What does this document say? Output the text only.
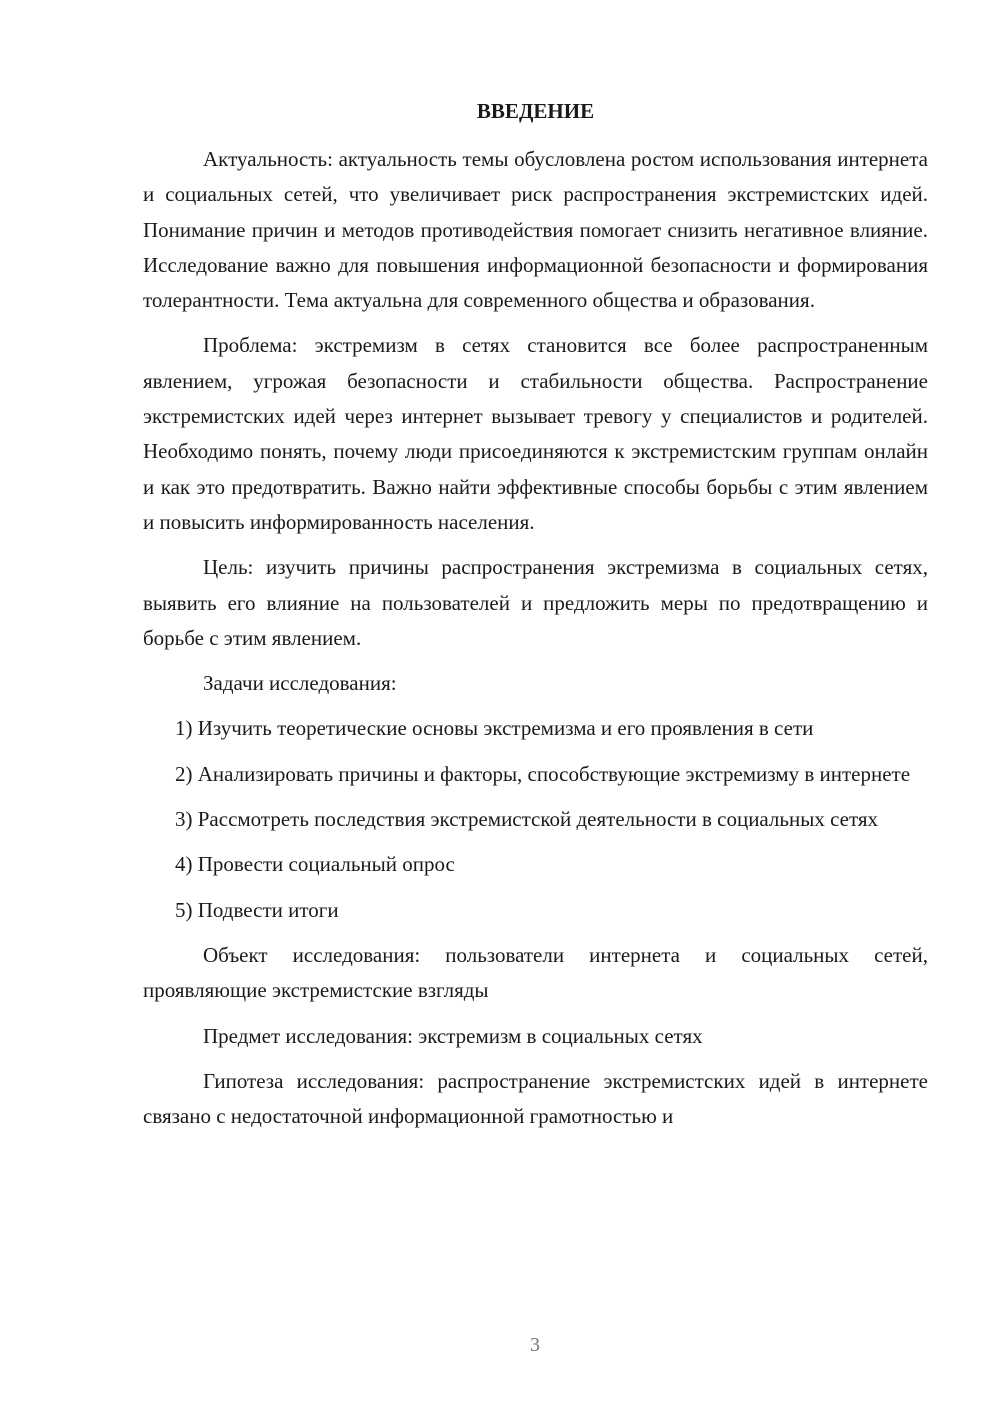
ВВЕДЕНИЕ

Актуальность: актуальность темы обусловлена ростом использования интернета и социальных сетей, что увеличивает риск распространения экстремистских идей. Понимание причин и методов противодействия помогает снизить негативное влияние. Исследование важно для повышения информационной безопасности и формирования толерантности. Тема актуальна для современного общества и образования.

Проблема: экстремизм в сетях становится все более распространенным явлением, угрожая безопасности и стабильности общества. Распространение экстремистских идей через интернет вызывает тревогу у специалистов и родителей. Необходимо понять, почему люди присоединяются к экстремистским группам онлайн и как это предотвратить. Важно найти эффективные способы борьбы с этим явлением и повысить информированность населения.

Цель: изучить причины распространения экстремизма в социальных сетях, выявить его влияние на пользователей и предложить меры по предотвращению и борьбе с этим явлением.

Задачи исследования:

1) Изучить теоретические основы экстремизма и его проявления в сети

2) Анализировать причины и факторы, способствующие экстремизму в интернете

3) Рассмотреть последствия экстремистской деятельности в социальных сетях

4) Провести социальный опрос

5) Подвести итоги

Объект исследования: пользователи интернета и социальных сетей, проявляющие экстремистские взгляды

Предмет исследования: экстремизм в социальных сетях

Гипотеза исследования: распространение экстремистских идей в интернете связано с недостаточной информационной грамотностью и

3
